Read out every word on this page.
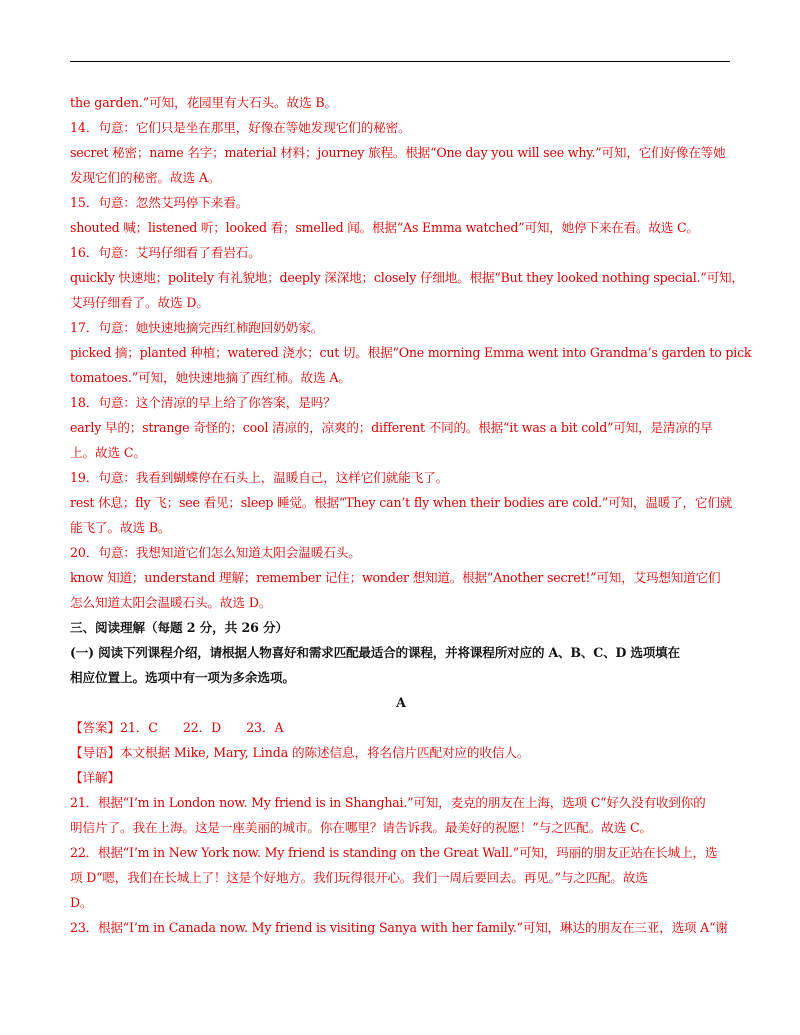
the garden.”可知，花园里有大石头。故选 B。
14．句意：它们只是坐在那里，好像在等她发现它们的秘密。
secret 秘密；name 名字；material 材料；journey 旅程。根据“One day you will see why.”可知，它们好像在等她
发现它们的秘密。故选 A。
15．句意：忽然艾玛停下来看。
shouted 喊；listened 听；looked 看；smelled 闻。根据“As Emma watched”可知，她停下来在看。故选 C。
16．句意：艾玛仔细看了看岩石。
quickly 快速地；politely 有礼貌地；deeply 深深地；closely 仔细地。根据“But they looked nothing special.”可知，
艾玛仔细看了。故选 D。
17．句意：她快速地摘完西红柿跑回奶奶家。
picked 摘；planted 种植；watered 浇水；cut 切。根据“One morning Emma went into Grandma’s garden to pick
tomatoes.”可知，她快速地摘了西红柿。故选 A。
18．句意：这个清凉的早上给了你答案，是吗？
early 早的；strange 奇怪的；cool 清凉的，凉爽的；different 不同的。根据“it was a bit cold”可知，是清凉的早
上。故选 C。
19．句意：我看到蝴蝶停在石头上，温暖自己，这样它们就能飞了。
rest 休息；fly 飞；see 看见；sleep 睡觉。根据“They can’t fly when their bodies are cold.”可知，温暖了，它们就
能飞了。故选 B。
20．句意：我想知道它们怎么知道太阳会温暖石头。
know 知道；understand 理解；remember 记住；wonder 想知道。根据“Another secret!”可知，艾玛想知道它们
怎么知道太阳会温暖石头。故选 D。
三、阅读理解（每题 2 分，共 26 分）
(一) 阅读下列课程介绍，请根据人物喜好和需求匹配最适合的课程，并将课程所对应的 A、B、C、D 选项填在
相应位置上。选项中有一项为多余选项。
A
【答案】21．C　　22．D　　23．A
【导语】本文根据 Mike, Mary, Linda 的陈述信息，将名信片匹配对应的收信人。
【详解】
21．根据“I’m in London now. My friend is in Shanghai.”可知，麦克的朋友在上海，选项 C“好久没有收到你的
明信片了。我在上海。这是一座美丽的城市。你在哪里？请告诉我。最美好的祝愿！”与之匹配。故选 C。
22．根据“I’m in New York now. My friend is standing on the Great Wall.”可知，玛丽的朋友正站在长城上，选
项 D“嗯，我们在长城上了！这是个好地方。我们玩得很开心。我们一周后要回去。再见。”与之匹配。故选
D。
23．根据“I’m in Canada now. My friend is visiting Sanya with her family.”可知，琳达的朋友在三亚，选项 A“谢
